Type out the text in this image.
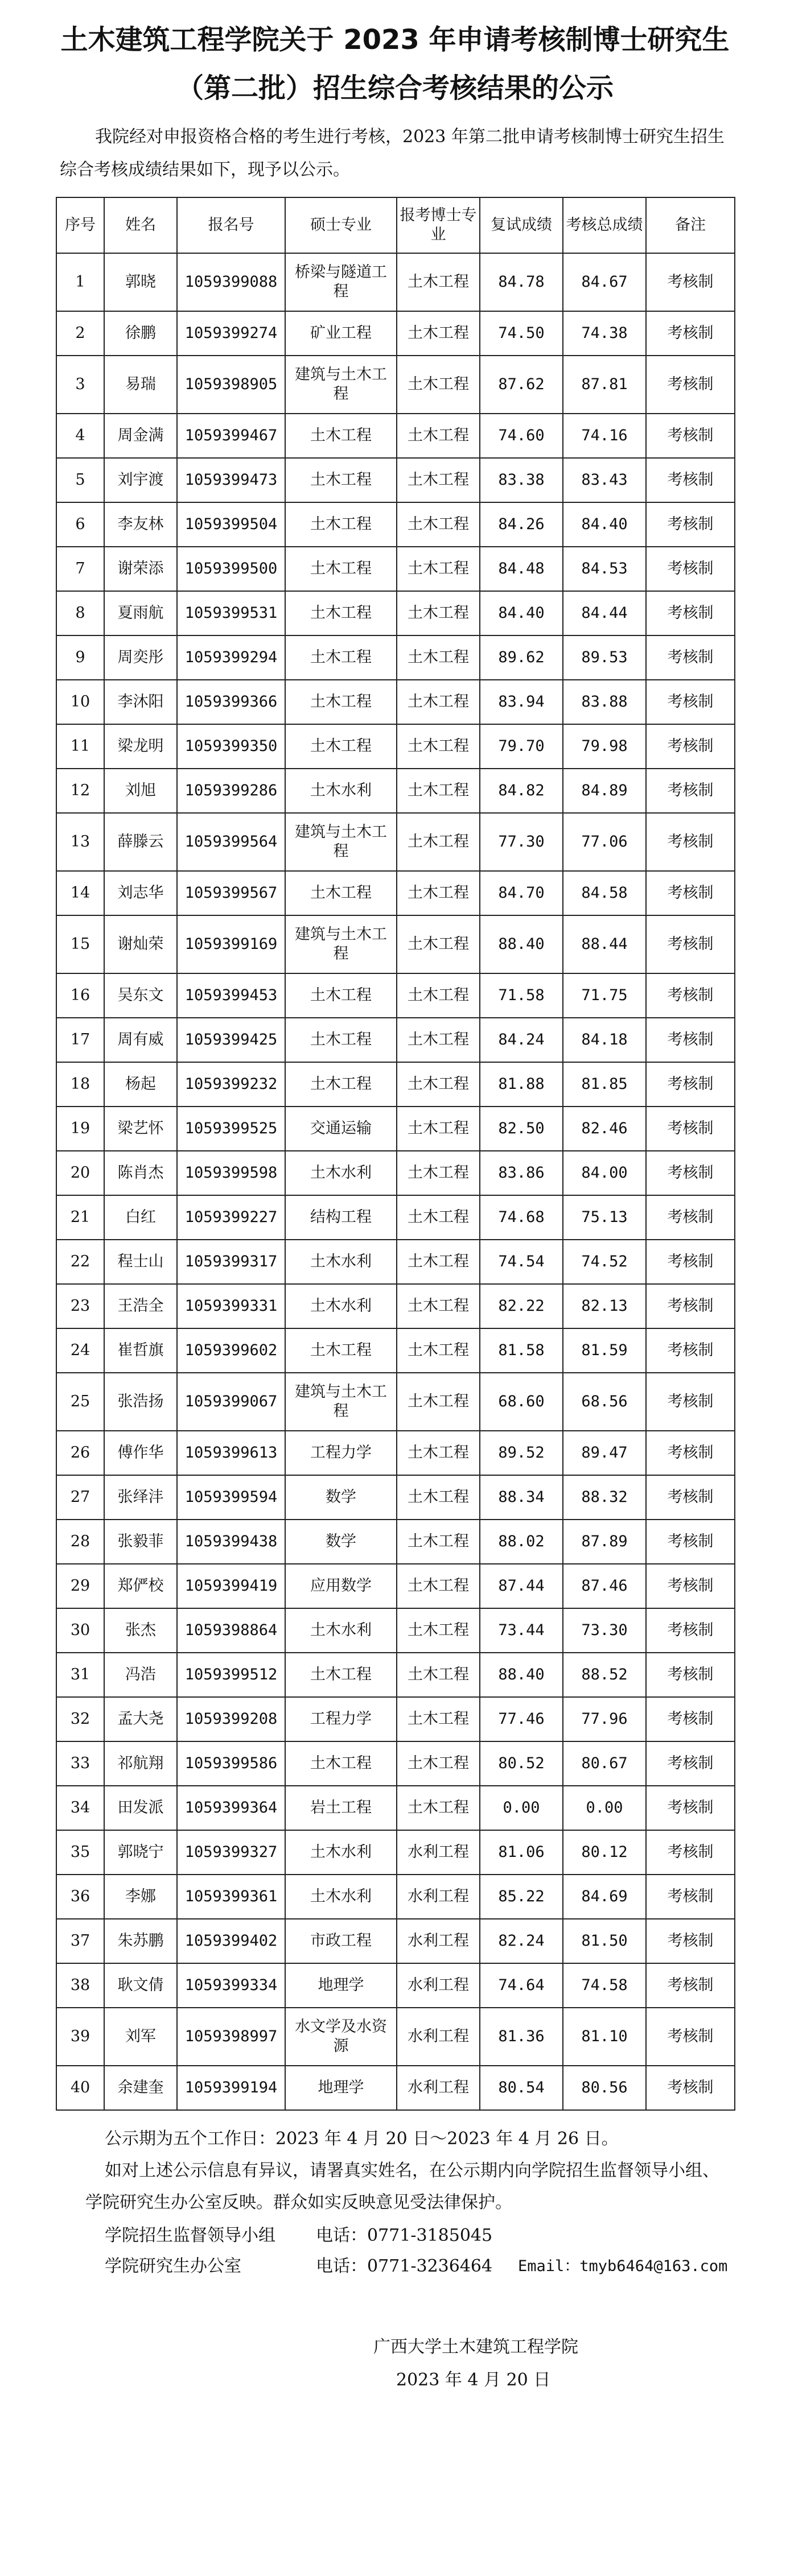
土木建筑工程学院关于 2023 年申请考核制博士研究生
（第二批）招生综合考核结果的公示
我院经对申报资格合格的考生进行考核，2023 年第二批申请考核制博士研究生招生综合考核成绩结果如下，现予以公示。
序号	姓名	报名号	硕士专业	报考博士专业	复试成绩	考核总成绩	备注
1	郭晓	1059399088	桥梁与隧道工程	土木工程	84.78	84.67	考核制
2	徐鹏	1059399274	矿业工程	土木工程	74.50	74.38	考核制
3	易瑞	1059398905	建筑与土木工程	土木工程	87.62	87.81	考核制
4	周金满	1059399467	土木工程	土木工程	74.60	74.16	考核制
5	刘宇渡	1059399473	土木工程	土木工程	83.38	83.43	考核制
6	李友林	1059399504	土木工程	土木工程	84.26	84.40	考核制
7	谢荣添	1059399500	土木工程	土木工程	84.48	84.53	考核制
8	夏雨航	1059399531	土木工程	土木工程	84.40	84.44	考核制
9	周奕彤	1059399294	土木工程	土木工程	89.62	89.53	考核制
10	李沐阳	1059399366	土木工程	土木工程	83.94	83.88	考核制
11	梁龙明	1059399350	土木工程	土木工程	79.70	79.98	考核制
12	刘旭	1059399286	土木水利	土木工程	84.82	84.89	考核制
13	薛滕云	1059399564	建筑与土木工程	土木工程	77.30	77.06	考核制
14	刘志华	1059399567	土木工程	土木工程	84.70	84.58	考核制
15	谢灿荣	1059399169	建筑与土木工程	土木工程	88.40	88.44	考核制
16	吴东文	1059399453	土木工程	土木工程	71.58	71.75	考核制
17	周有威	1059399425	土木工程	土木工程	84.24	84.18	考核制
18	杨起	1059399232	土木工程	土木工程	81.88	81.85	考核制
19	梁艺怀	1059399525	交通运输	土木工程	82.50	82.46	考核制
20	陈肖杰	1059399598	土木水利	土木工程	83.86	84.00	考核制
21	白红	1059399227	结构工程	土木工程	74.68	75.13	考核制
22	程士山	1059399317	土木水利	土木工程	74.54	74.52	考核制
23	王浩全	1059399331	土木水利	土木工程	82.22	82.13	考核制
24	崔哲旗	1059399602	土木工程	土木工程	81.58	81.59	考核制
25	张浩扬	1059399067	建筑与土木工程	土木工程	68.60	68.56	考核制
26	傅作华	1059399613	工程力学	土木工程	89.52	89.47	考核制
27	张绎沣	1059399594	数学	土木工程	88.34	88.32	考核制
28	张毅菲	1059399438	数学	土木工程	88.02	87.89	考核制
29	郑俨校	1059399419	应用数学	土木工程	87.44	87.46	考核制
30	张杰	1059398864	土木水利	土木工程	73.44	73.30	考核制
31	冯浩	1059399512	土木工程	土木工程	88.40	88.52	考核制
32	孟大尧	1059399208	工程力学	土木工程	77.46	77.96	考核制
33	祁航翔	1059399586	土木工程	土木工程	80.52	80.67	考核制
34	田发派	1059399364	岩土工程	土木工程	0.00	0.00	考核制
35	郭晓宁	1059399327	土木水利	水利工程	81.06	80.12	考核制
36	李娜	1059399361	土木水利	水利工程	85.22	84.69	考核制
37	朱苏鹏	1059399402	市政工程	水利工程	82.24	81.50	考核制
38	耿文倩	1059399334	地理学	水利工程	74.64	74.58	考核制
39	刘军	1059398997	水文学及水资源	水利工程	81.36	81.10	考核制
40	余建奎	1059399194	地理学	水利工程	80.54	80.56	考核制
公示期为五个工作日：2023 年 4 月 20 日～2023 年 4 月 26 日。
如对上述公示信息有异议，请署真实姓名，在公示期内向学院招生监督领导小组、学院研究生办公室反映。群众如实反映意见受法律保护。
学院招生监督领导小组 电话：0771-3185045
学院研究生办公室	电话：0771-3236464 Email：tmyb6464@163.com
广西大学土木建筑工程学院
2023 年 4 月 20 日
